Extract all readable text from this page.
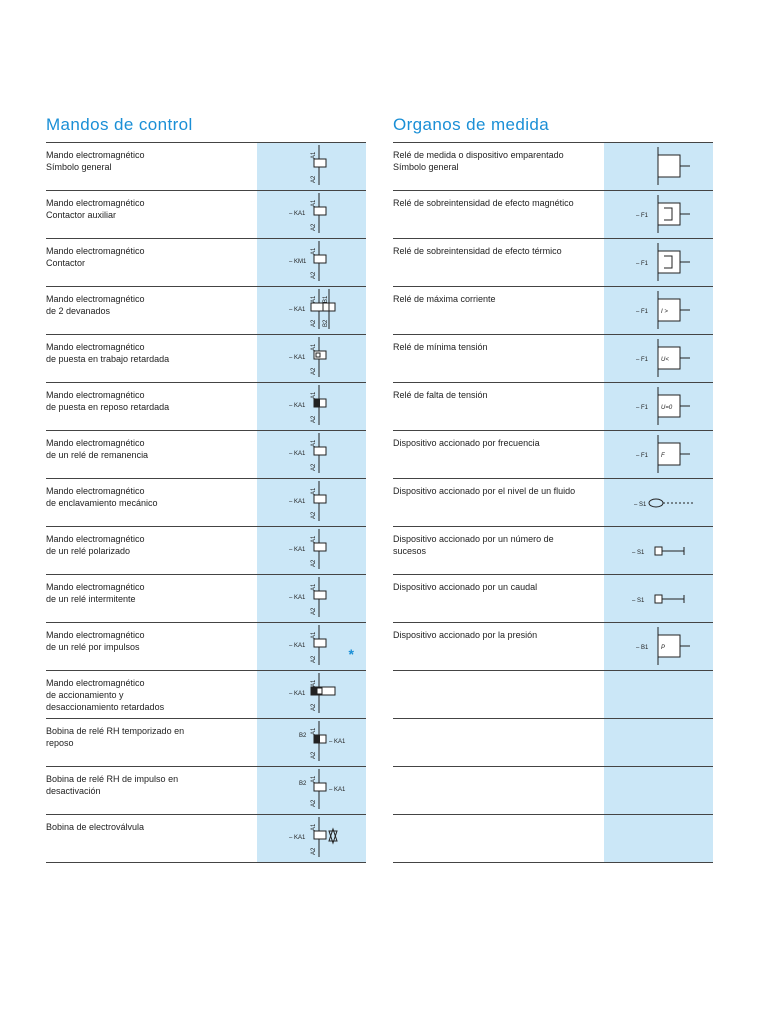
Mandos de control
Mando electromagnético
Símbolo general
A1
A2
Mando electromagnético
Contactor auxiliar
A1
A2
– KA1
Mando electromagnético
Contactor
A1
A2
– KM1
Mando electromagnético
de 2 devanados
A1
A2
B1
B2
– KA1
Mando electromagnético
de puesta en trabajo retardada
A1
A2
– KA1
Mando electromagnético
de puesta en reposo retardada
A1
A2
– KA1
Mando electromagnético
de un relé de remanencia
A1
A2
– KA1
Mando electromagnético
de enclavamiento mecánico
A1
A2
– KA1
Mando electromagnético
de un relé polarizado
A1
A2
– KA1
Mando electromagnético
de un relé intermitente
A1
A2
– KA1
Mando electromagnético
de un relé por impulsos
A1
A2
– KA1	*
Mando electromagnético
de accionamiento y
desaccionamiento retardados
A1
A2
– KA1
Bobina de relé RH temporizado en
reposo
A1
A2
– KA1
B2
Bobina de relé RH de impulso en
desactivación
A1
A2
– KA1
B2
Bobina de electroválvula	A1
A2
– KA1
Organos de medida
Relé de medida o dispositivo emparentado
Símbolo general
Relé de sobreintensidad de efecto magnético
– F1
Relé de sobreintensidad de efecto térmico
– F1
Relé de máxima corriente
I >
– F1
Relé de mínima tensión
U<
– F1
Relé de falta de tensión
U=0
– F1
Dispositivo accionado por frecuencia
F
– F1
Dispositivo accionado por el nivel de un fluido
– S1
Dispositivo accionado por un número de
sucesos	– S1
Dispositivo accionado por un caudal
– S1
Dispositivo accionado por la presión
P
– B1
